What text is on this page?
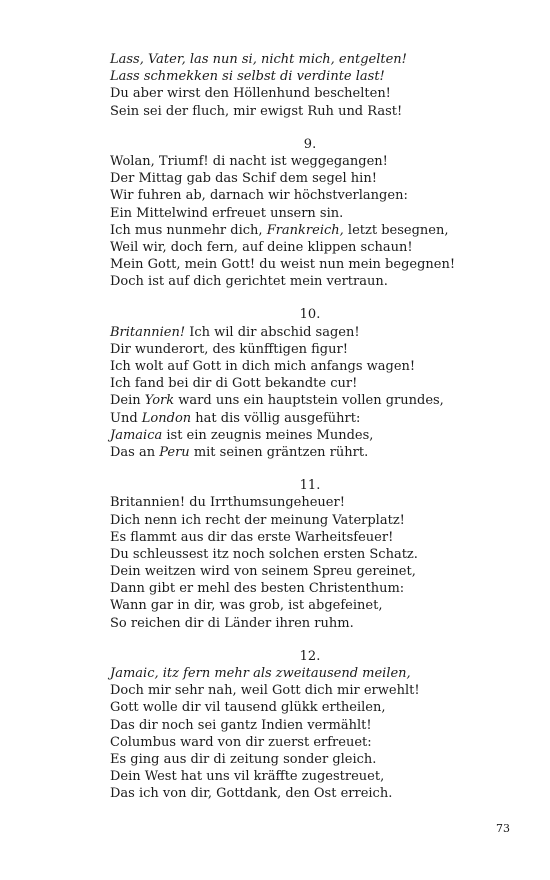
Lass, Vater, las nun si, nicht mich, entgelten!
Lass schmekken si selbst di verdinte last!
Du aber wirst den Höllenhund beschelten!
Sein sei der fluch, mir ewigst Ruh und Rast!
9.
Wolan, Triumf! di nacht ist weggegangen!
Der Mittag gab das Schif dem segel hin!
Wir fuhren ab, darnach wir höchstverlangen:
Ein Mittelwind erfreuet unsern sin.
Ich mus nunmehr dich, Frankreich, letzt besegnen,
Weil wir, doch fern, auf deine klippen schaun!
Mein Gott, mein Gott! du weist nun mein begegnen!
Doch ist auf dich gerichtet mein vertraun.
10.
Britannien! Ich wil dir abschid sagen!
Dir wunderort, des künfftigen figur!
Ich wolt auf Gott in dich mich anfangs wagen!
Ich fand bei dir di Gott bekandte cur!
Dein York ward uns ein hauptstein vollen grundes,
Und London hat dis völlig ausgeführt:
Jamaica ist ein zeugnis meines Mundes,
Das an Peru mit seinen gräntzen rührt.
11.
Britannien! du Irrthumsungeheuer!
Dich nenn ich recht der meinung Vaterplatz!
Es flammt aus dir das erste Warheitsfeuer!
Du schleussest itz noch solchen ersten Schatz.
Dein weitzen wird von seinem Spreu gereinet,
Dann gibt er mehl des besten Christenthum:
Wann gar in dir, was grob, ist abgefeinet,
So reichen dir di Länder ihren ruhm.
12.
Jamaic, itz fern mehr als zweitausend meilen,
Doch mir sehr nah, weil Gott dich mir erwehlt!
Gott wolle dir vil tausend glükk ertheilen,
Das dir noch sei gantz Indien vermählt!
Columbus ward von dir zuerst erfreuet:
Es ging aus dir di zeitung sonder gleich.
Dein West hat uns vil kräffte zugestreuet,
Das ich von dir, Gottdank, den Ost erreich.
73
